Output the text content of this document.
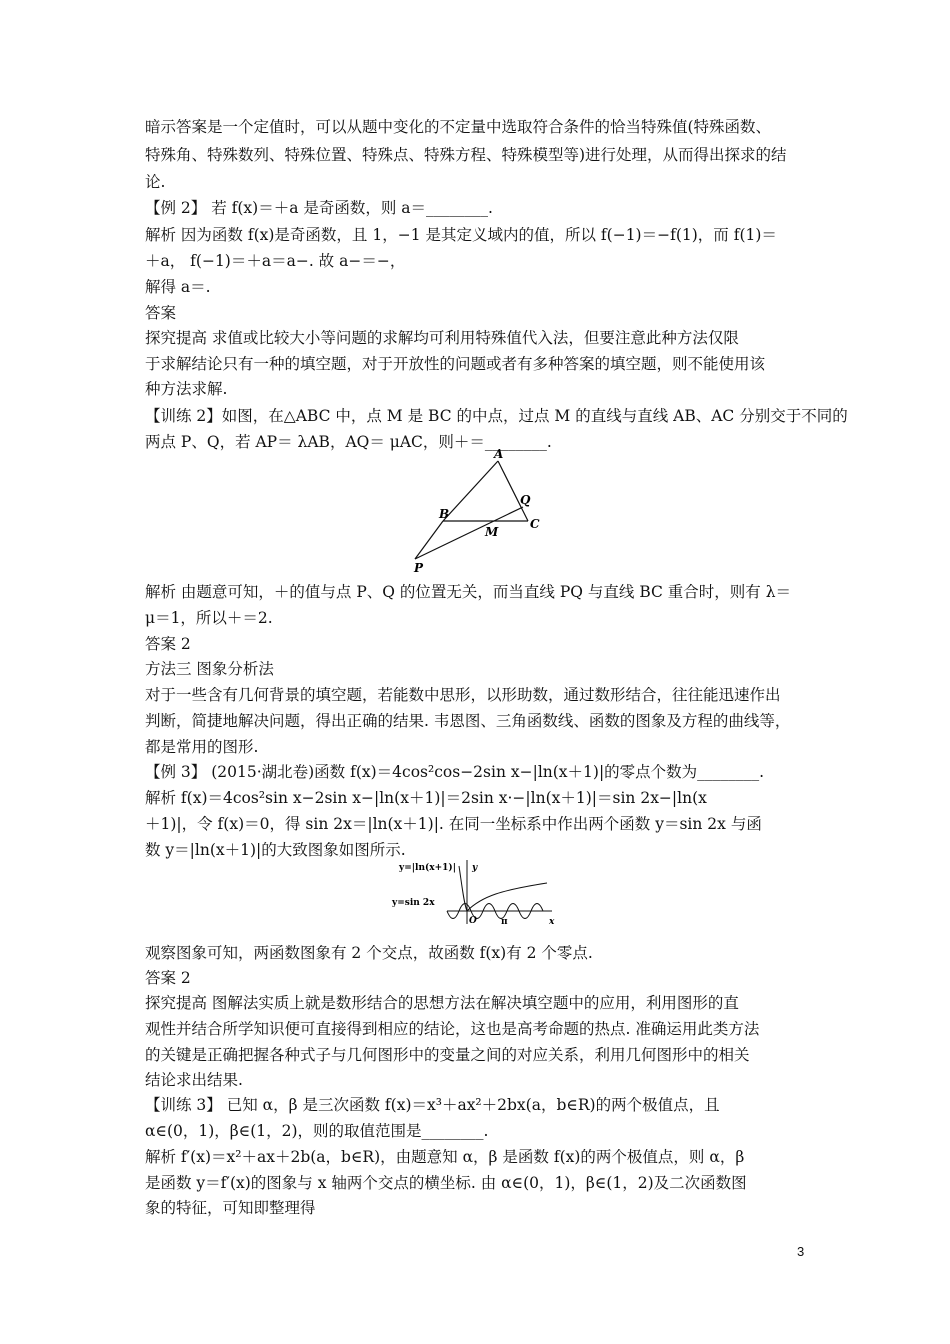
暗示答案是一个定值时，可以从题中变化的不定量中选取符合条件的恰当特殊值(特殊函数、
特殊角、特殊数列、特殊位置、特殊点、特殊方程、特殊模型等)进行处理，从而得出探求的结
论.
【例 2】 若 f(x)＝＋a 是奇函数，则 a＝________.
解析 因为函数 f(x)是奇函数，且 1，−1 是其定义域内的值，所以 f(−1)＝−f(1)，而 f(1)＝
＋a， f(−1)＝＋a＝a−. 故 a−＝−，
解得 a＝.
答案
探究提高 求值或比较大小等问题的求解均可利用特殊值代入法，但要注意此种方法仅限
于求解结论只有一种的填空题，对于开放性的问题或者有多种答案的填空题，则不能使用该
种方法求解.
【训练 2】如图，在△ABC 中，点 M 是 BC 的中点，过点 M 的直线与直线 AB、AC 分别交于不同的
两点 P、Q，若 AP＝ λAB，AQ＝ μAC，则＋＝________.
A
B
C
M
Q
P
解析 由题意可知，＋的值与点 P、Q 的位置无关，而当直线 PQ 与直线 BC 重合时，则有 λ＝
μ＝1，所以＋＝2.
答案 2
方法三 图象分析法
对于一些含有几何背景的填空题，若能数中思形，以形助数，通过数形结合，往往能迅速作出
判断，简捷地解决问题，得出正确的结果. 韦恩图、三角函数线、函数的图象及方程的曲线等，
都是常用的图形.
【例 3】 (2015·湖北卷)函数 f(x)＝4cos²cos−2sin x−|ln(x＋1)|的零点个数为________.
解析 f(x)＝4cos²sin x−2sin x−|ln(x＋1)|＝2sin x·−|ln(x＋1)|＝sin 2x−|ln(x
＋1)|，令 f(x)＝0，得 sin 2x＝|ln(x＋1)|. 在同一坐标系中作出两个函数 y＝sin 2x 与函
数 y＝|ln(x＋1)|的大致图象如图所示.
y=|ln(x+1)| y
y=sin 2x
O	π	x
观察图象可知，两函数图象有 2 个交点，故函数 f(x)有 2 个零点.
答案 2
探究提高 图解法实质上就是数形结合的思想方法在解决填空题中的应用，利用图形的直
观性并结合所学知识便可直接得到相应的结论，这也是高考命题的热点. 准确运用此类方法
的关键是正确把握各种式子与几何图形中的变量之间的对应关系，利用几何图形中的相关
结论求出结果.
【训练 3】 已知 α，β 是三次函数 f(x)＝x³＋ax²＋2bx(a，b∈R)的两个极值点，且
α∈(0，1)，β∈(1，2)，则的取值范围是________.
解析 f′(x)＝x²＋ax＋2b(a，b∈R)，由题意知 α，β 是函数 f(x)的两个极值点，则 α，β
是函数 y＝f′(x)的图象与 x 轴两个交点的横坐标. 由 α∈(0，1)，β∈(1，2)及二次函数图
象的特征，可知即整理得
3
